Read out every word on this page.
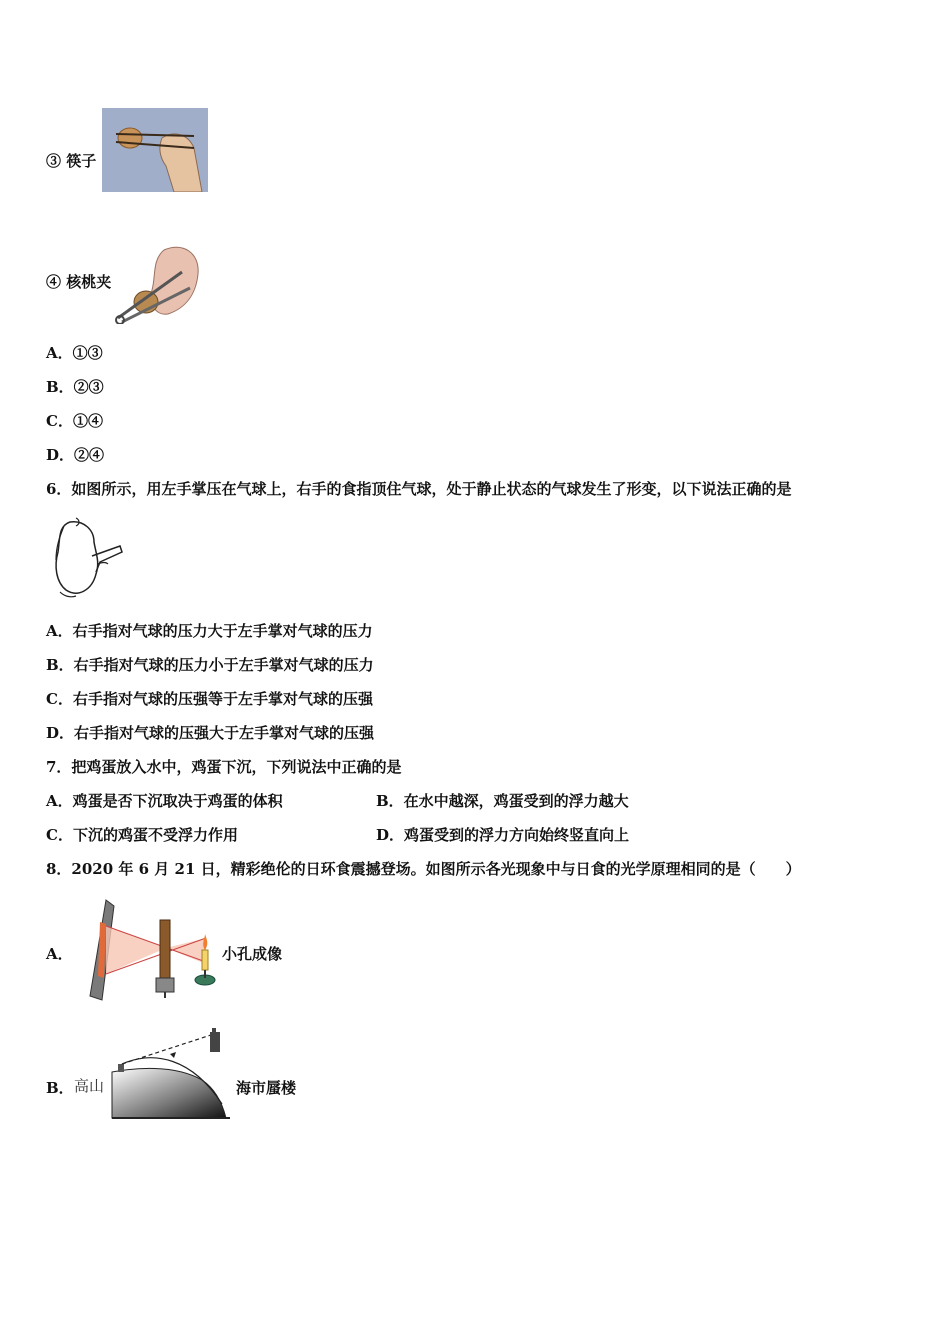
③ 筷子
④ 核桃夹
A．①③
B．②③
C．①④
D．②④
6．如图所示，用左手掌压在气球上，右手的食指顶住气球，处于静止状态的气球发生了形变，以下说法正确的是
A．右手指对气球的压力大于左手掌对气球的压力
B．右手指对气球的压力小于左手掌对气球的压力
C．右手指对气球的压强等于左手掌对气球的压强
D．右手指对气球的压强大于左手掌对气球的压强
7．把鸡蛋放入水中，鸡蛋下沉，下列说法中正确的是
A．鸡蛋是否下沉取决于鸡蛋的体积	B．在水中越深，鸡蛋受到的浮力越大
C．下沉的鸡蛋不受浮力作用	D．鸡蛋受到的浮力方向始终竖直向上
8．2020 年 6 月 21 日，精彩绝伦的日环食震撼登场。如图所示各光现象中与日食的光学原理相同的是（　　）
A．	小孔成像
B． 高山	海市蜃楼
